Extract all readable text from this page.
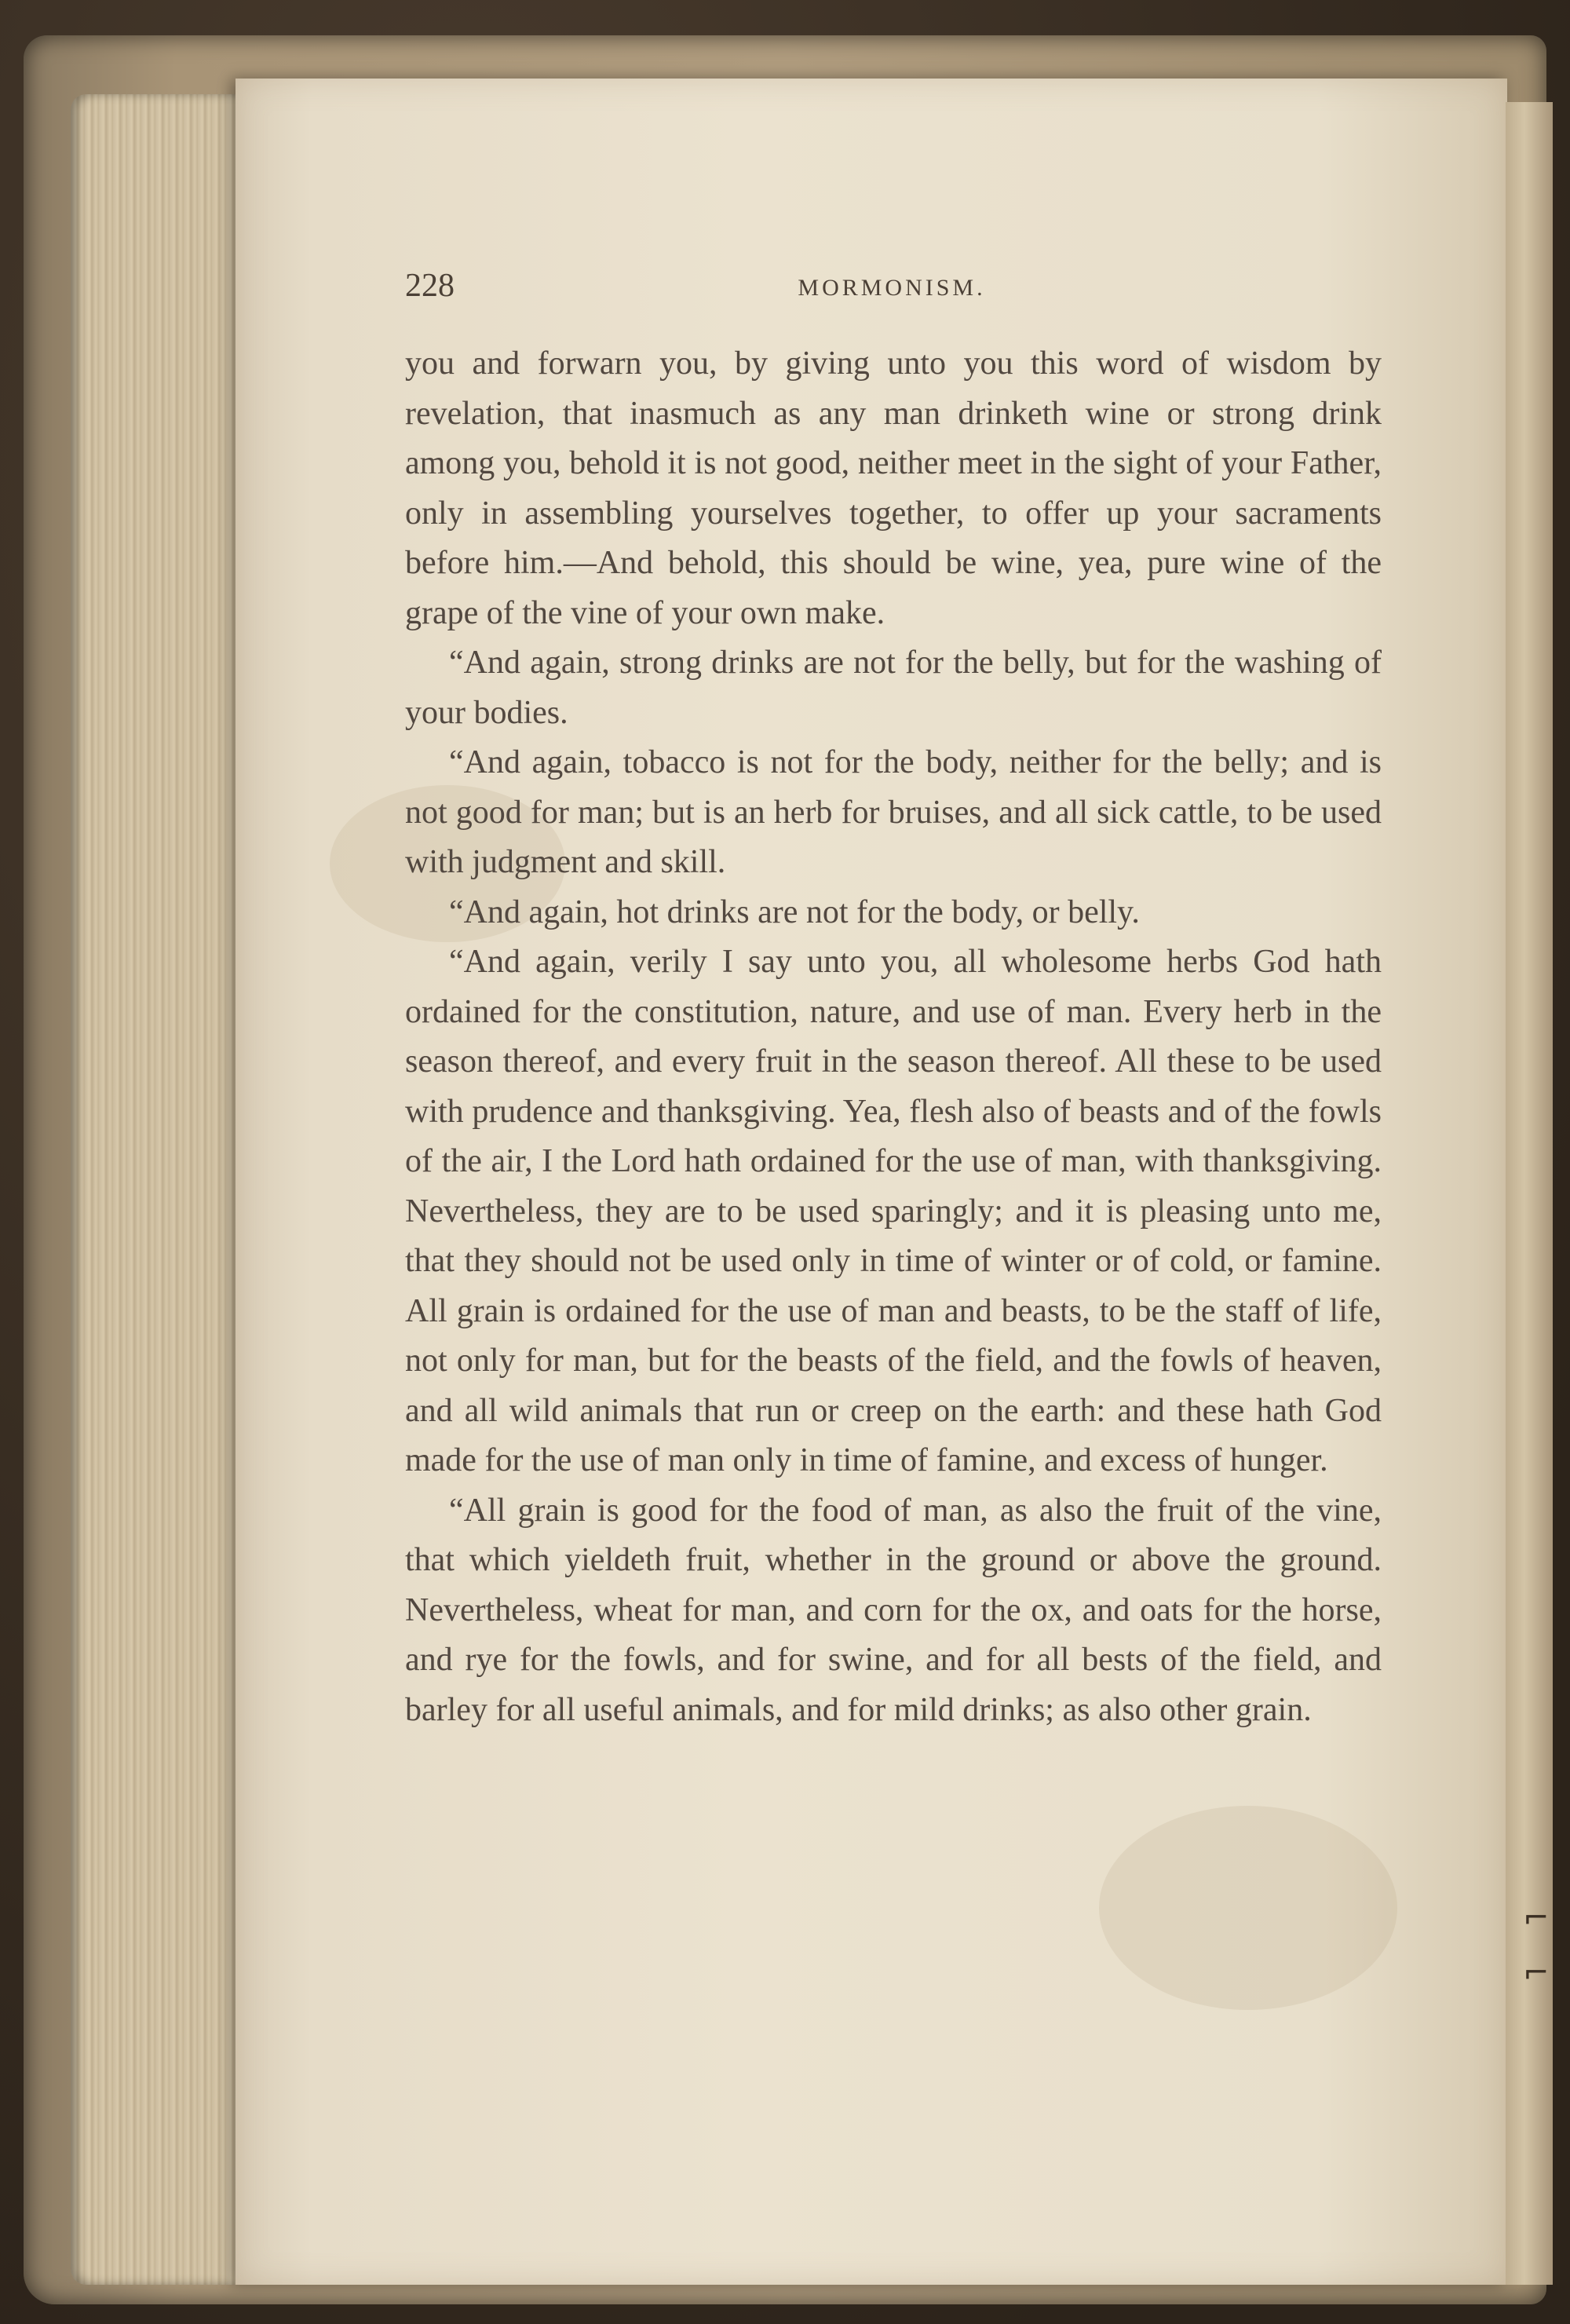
⌐
⌐
228	MORMONISM.

you and forwarn you, by giving unto you this word of wisdom by revelation, that inasmuch as any man drinketh wine or strong drink among you, behold it is not good, neither meet in the sight of your Father, only in assembling yourselves together, to offer up your sacraments before him.—And behold, this should be wine, yea, pure wine of the grape of the vine of your own make.

“And again, strong drinks are not for the belly, but for the washing of your bodies.

“And again, tobacco is not for the body, neither for the belly; and is not good for man; but is an herb for bruises, and all sick cattle, to be used with judgment and skill.

“And again, hot drinks are not for the body, or belly.

“And again, verily I say unto you, all wholesome herbs God hath ordained for the constitution, nature, and use of man. Every herb in the season thereof, and every fruit in the season thereof. All these to be used with prudence and thanksgiving. Yea, flesh also of beasts and of the fowls of the air, I the Lord hath ordained for the use of man, with thanksgiving. Nevertheless, they are to be used sparingly; and it is pleasing unto me, that they should not be used only in time of winter or of cold, or famine. All grain is ordained for the use of man and beasts, to be the staff of life, not only for man, but for the beasts of the field, and the fowls of heaven, and all wild animals that run or creep on the earth: and these hath God made for the use of man only in time of famine, and excess of hunger.

“All grain is good for the food of man, as also the fruit of the vine, that which yieldeth fruit, whether in the ground or above the ground. Nevertheless, wheat for man, and corn for the ox, and oats for the horse, and rye for the fowls, and for swine, and for all bests of the field, and barley for all useful animals, and for mild drinks; as also other grain.
